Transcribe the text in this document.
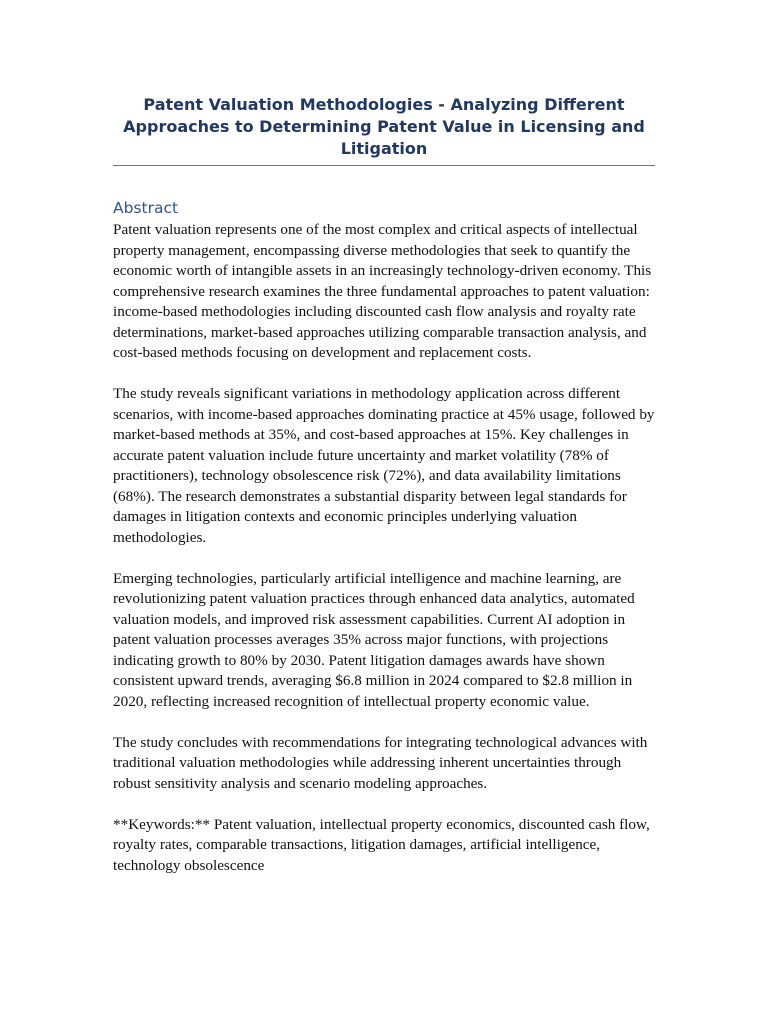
Patent Valuation Methodologies - Analyzing Different Approaches to Determining Patent Value in Licensing and Litigation
Abstract

Patent valuation represents one of the most complex and critical aspects of intellectual property management, encompassing diverse methodologies that seek to quantify the economic worth of intangible assets in an increasingly technology-driven economy. This comprehensive research examines the three fundamental approaches to patent valuation: income-based methodologies including discounted cash flow analysis and royalty rate determinations, market-based approaches utilizing comparable transaction analysis, and cost-based methods focusing on development and replacement costs.

The study reveals significant variations in methodology application across different scenarios, with income-based approaches dominating practice at 45% usage, followed by market-based methods at 35%, and cost-based approaches at 15%. Key challenges in accurate patent valuation include future uncertainty and market volatility (78% of practitioners), technology obsolescence risk (72%), and data availability limitations (68%). The research demonstrates a substantial disparity between legal standards for damages in litigation contexts and economic principles underlying valuation methodologies.

Emerging technologies, particularly artificial intelligence and machine learning, are revolutionizing patent valuation practices through enhanced data analytics, automated valuation models, and improved risk assessment capabilities. Current AI adoption in patent valuation processes averages 35% across major functions, with projections indicating growth to 80% by 2030. Patent litigation damages awards have shown consistent upward trends, averaging $6.8 million in 2024 compared to $2.8 million in 2020, reflecting increased recognition of intellectual property economic value.

The study concludes with recommendations for integrating technological advances with traditional valuation methodologies while addressing inherent uncertainties through robust sensitivity analysis and scenario modeling approaches.

**Keywords:** Patent valuation, intellectual property economics, discounted cash flow, royalty rates, comparable transactions, litigation damages, artificial intelligence, technology obsolescence
